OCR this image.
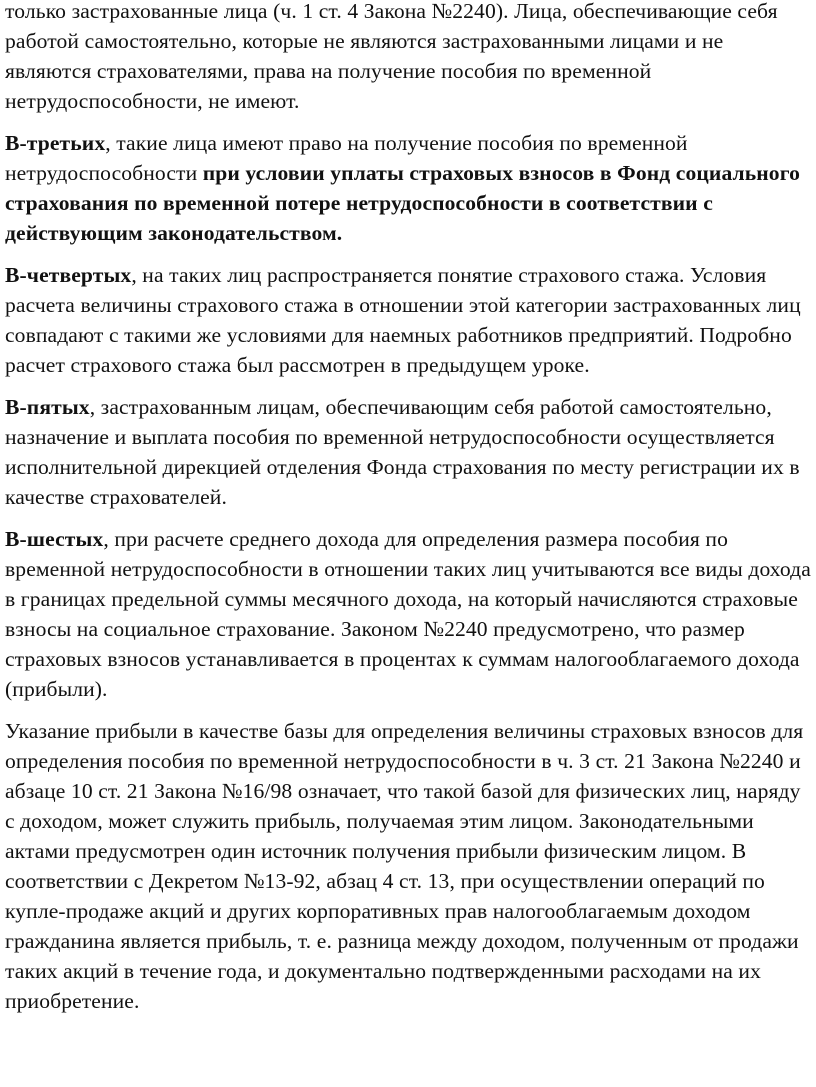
только застрахованные лица (ч. 1 ст. 4 Закона №2240). Лица, обеспечивающие себя работой самостоятельно, которые не являются застрахованными лицами и не являются страхователями, права на получение пособия по временной нетрудоспособности, не имеют.

В-третьих, такие лица имеют право на получение пособия по временной нетрудоспособности при условии уплаты страховых взносов в Фонд социального страхования по временной потере нетрудоспособности в соответствии с действующим законодательством.

В-четвертых, на таких лиц распространяется понятие страхового стажа. Условия расчета величины страхового стажа в отношении этой категории застрахованных лиц совпадают с такими же условиями для наемных работников предприятий. Подробно расчет страхового стажа был рассмотрен в предыдущем уроке.

В-пятых, застрахованным лицам, обеспечивающим себя работой самостоятельно, назначение и выплата пособия по временной нетрудоспособности осуществляется исполнительной дирекцией отделения Фонда страхования по месту регистрации их в качестве страхователей.

В-шестых, при расчете среднего дохода для определения размера пособия по временной нетрудоспособности в отношении таких лиц учитываются все виды дохода в границах предельной суммы месячного дохода, на который начисляются страховые взносы на социальное страхование. Законом №2240 предусмотрено, что размер страховых взносов устанавливается в процентах к суммам налогооблагаемого дохода (прибыли).

Указание прибыли в качестве базы для определения величины страховых взносов для определения пособия по временной нетрудоспособности в ч. 3 ст. 21 Закона №2240 и абзаце 10 ст. 21 Закона №16/98 означает, что такой базой для физических лиц, наряду с доходом, может служить прибыль, получаемая этим лицом. Законодательными актами предусмотрен один источник получения прибыли физическим лицом. В соответствии с Декретом №13-92, абзац 4 ст. 13, при осуществлении операций по купле-продаже акций и других корпоративных прав налогооблагаемым доходом гражданина является прибыль, т. е. разница между доходом, полученным от продажи таких акций в течение года, и документально подтвержденными расходами на их приобретение.
